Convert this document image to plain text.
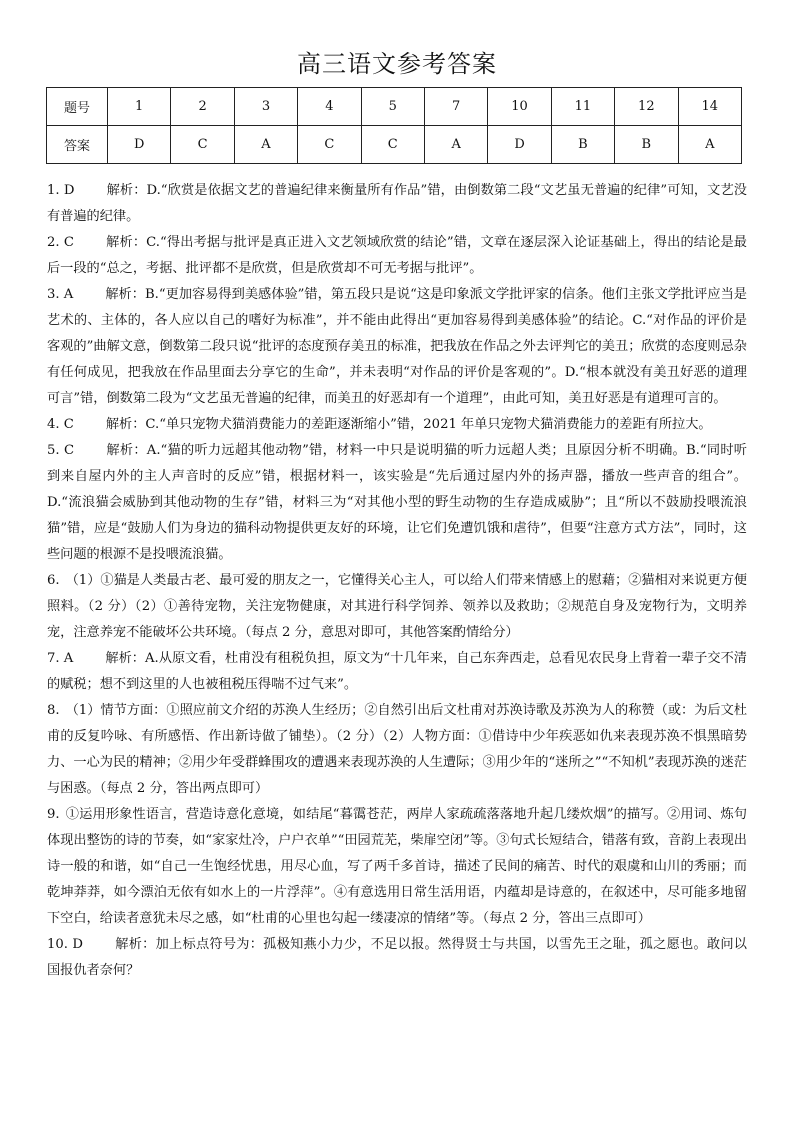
高三语文参考答案
题号	1	2	3	4	5	7	10	11	12	14
答案	D	C	A	C	C	A	D	B	B	A

1. D 解析：D.“欣赏是依据文艺的普遍纪律来衡量所有作品”错，由倒数第二段“文艺虽无普遍的纪律”可知，文艺没有普遍的纪律。

2. C 解析：C.“得出考据与批评是真正进入文艺领域欣赏的结论”错，文章在逐层深入论证基础上，得出的结论是最后一段的“总之，考据、批评都不是欣赏，但是欣赏却不可无考据与批评”。

3. A 解析：B.“更加容易得到美感体验”错，第五段只是说“这是印象派文学批评家的信条。他们主张文学批评应当是艺术的、主体的，各人应以自己的嗜好为标准”，并不能由此得出“更加容易得到美感体验”的结论。C.“对作品的评价是客观的”曲解文意，倒数第二段只说“批评的态度预存美丑的标准，把我放在作品之外去评判它的美丑；欣赏的态度则忌杂有任何成见，把我放在作品里面去分享它的生命”，并未表明“对作品的评价是客观的”。D.“根本就没有美丑好恶的道理可言”错，倒数第二段为“文艺虽无普遍的纪律，而美丑的好恶却有一个道理”，由此可知，美丑好恶是有道理可言的。

4. C 解析：C.“单只宠物犬猫消费能力的差距逐渐缩小”错，2021 年单只宠物犬猫消费能力的差距有所拉大。

5. C 解析：A.“猫的听力远超其他动物”错，材料一中只是说明猫的听力远超人类；且原因分析不明确。B.“同时听到来自屋内外的主人声音时的反应”错，根据材料一，该实验是“先后通过屋内外的扬声器，播放一些声音的组合”。D.“流浪猫会威胁到其他动物的生存”错，材料三为“对其他小型的野生动物的生存造成威胁”；且“所以不鼓励投喂流浪猫”错，应是“鼓励人们为身边的猫科动物提供更友好的环境，让它们免遭饥饿和虐待”，但要“注意方式方法”，同时，这些问题的根源不是投喂流浪猫。

6. （1）①猫是人类最古老、最可爱的朋友之一，它懂得关心主人，可以给人们带来情感上的慰藉；②猫相对来说更方便照料。（2 分）（2）①善待宠物，关注宠物健康，对其进行科学饲养、领养以及救助；②规范自身及宠物行为，文明养宠，注意养宠不能破坏公共环境。（每点 2 分，意思对即可，其他答案酌情给分）

7. A 解析：A.从原文看，杜甫没有租税负担，原文为“十几年来，自己东奔西走，总看见农民身上背着一辈子交不清的赋税；想不到这里的人也被租税压得喘不过气来”。

8. （1）情节方面：①照应前文介绍的苏涣人生经历；②自然引出后文杜甫对苏涣诗歌及苏涣为人的称赞（或：为后文杜甫的反复吟咏、有所感悟、作出新诗做了铺垫）。（2 分）（2）人物方面：①借诗中少年疾恶如仇来表现苏涣不惧黑暗势力、一心为民的精神；②用少年受群蜂围攻的遭遇来表现苏涣的人生遭际；③用少年的“迷所之”“不知机”表现苏涣的迷茫与困惑。（每点 2 分，答出两点即可）

9. ①运用形象性语言，营造诗意化意境，如结尾“暮霭苍茫，两岸人家疏疏落落地升起几缕炊烟”的描写。②用词、炼句体现出整饬的诗的节奏，如“家家灶冷，户户衣单”“田园荒芜，柴扉空闭”等。③句式长短结合，错落有致，音韵上表现出诗一般的和谐，如“自己一生饱经忧患，用尽心血，写了两千多首诗，描述了民间的痛苦、时代的艰虞和山川的秀丽；而乾坤莽莽，如今漂泊无依有如水上的一片浮萍”。④有意选用日常生活用语，内蕴却是诗意的，在叙述中，尽可能多地留下空白，给读者意犹未尽之感，如“杜甫的心里也勾起一缕凄凉的情绪”等。（每点 2 分，答出三点即可）

10. D 解析：加上标点符号为：孤极知燕小力少，不足以报。然得贤士与共国，以雪先王之耻，孤之愿也。敢问以国报仇者奈何？
